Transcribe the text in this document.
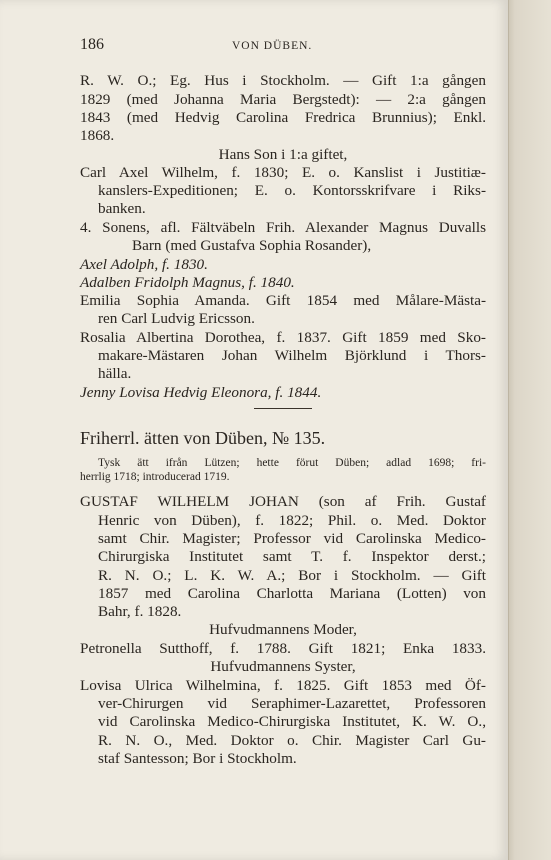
186	VON DÜBEN.
R. W. O.; Eg. Hus i Stockholm. — Gift 1:a gången
1829 (med Johanna Maria Bergstedt): — 2:a gången
1843 (med Hedvig Carolina Fredrica Brunnius); Enkl.
1868.
Hans Son i 1:a giftet,
Carl Axel Wilhelm, f. 1830; E. o. Kanslist i Justitiæ-
kanslers-Expeditionen; E. o. Kontorsskrifvare i Riks-
banken.
4. Sonens, afl. Fältväbeln Frih. Alexander Magnus Duvalls
Barn (med Gustafva Sophia Rosander),
Axel Adolph, f. 1830.
Adalben Fridolph Magnus, f. 1840.
Emilia Sophia Amanda. Gift 1854 med Målare-Mästa-
ren Carl Ludvig Ericsson.
Rosalia Albertina Dorothea, f. 1837. Gift 1859 med Sko-
makare-Mästaren Johan Wilhelm Björklund i Thors-
hälla.
Jenny Lovisa Hedvig Eleonora, f. 1844.
Friherrl. ätten von Düben, № 135.
Tysk ätt ifrån Lützen; hette förut Düben; adlad 1698; fri-
herrlig 1718; introducerad 1719.
GUSTAF WILHELM JOHAN (son af Frih. Gustaf
Henric von Düben), f. 1822; Phil. o. Med. Doktor
samt Chir. Magister; Professor vid Carolinska Medico-
Chirurgiska Institutet samt T. f. Inspektor derst.;
R. N. O.; L. K. W. A.; Bor i Stockholm. — Gift
1857 med Carolina Charlotta Mariana (Lotten) von
Bahr, f. 1828.
Hufvudmannens Moder,
Petronella Sutthoff, f. 1788. Gift 1821; Enka 1833.
Hufvudmannens Syster,
Lovisa Ulrica Wilhelmina, f. 1825. Gift 1853 med Öf-
ver-Chirurgen vid Seraphimer-Lazarettet, Professoren
vid Carolinska Medico-Chirurgiska Institutet, K. W. O.,
R. N. O., Med. Doktor o. Chir. Magister Carl Gu-
staf Santesson; Bor i Stockholm.
